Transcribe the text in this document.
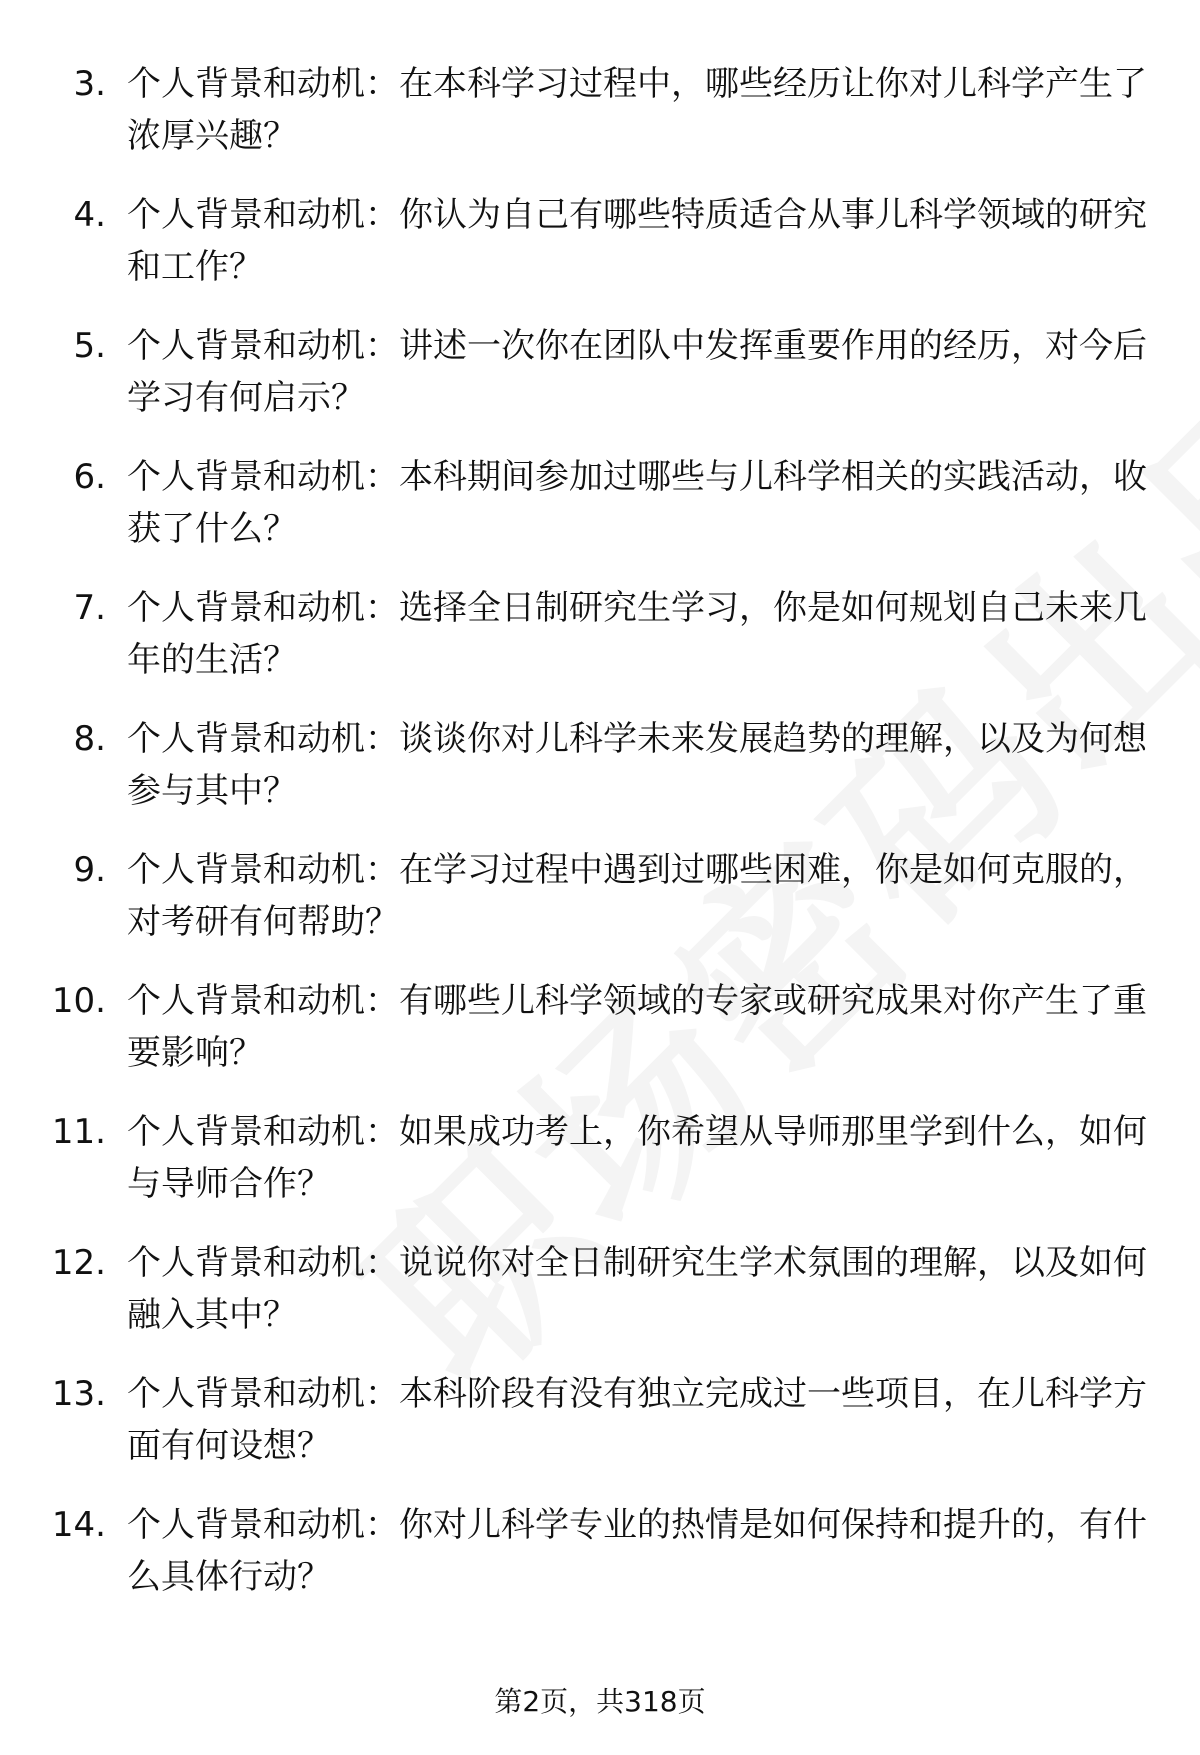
3. 个人背景和动机：在本科学习过程中，哪些经历让你对儿科学产生了浓厚兴趣？
4. 个人背景和动机：你认为自己有哪些特质适合从事儿科学领域的研究和工作？
5. 个人背景和动机：讲述一次你在团队中发挥重要作用的经历，对今后学习有何启示？
6. 个人背景和动机：本科期间参加过哪些与儿科学相关的实践活动，收获了什么？
7. 个人背景和动机：选择全日制研究生学习，你是如何规划自己未来几年的生活？
8. 个人背景和动机：谈谈你对儿科学未来发展趋势的理解，以及为何想参与其中？
9. 个人背景和动机：在学习过程中遇到过哪些困难，你是如何克服的，对考研有何帮助？
10. 个人背景和动机：有哪些儿科学领域的专家或研究成果对你产生了重要影响？
11. 个人背景和动机：如果成功考上，你希望从导师那里学到什么，如何与导师合作？
12. 个人背景和动机：说说你对全日制研究生学术氛围的理解，以及如何融入其中？
13. 个人背景和动机：本科阶段有没有独立完成过一些项目，在儿科学方面有何设想？
14. 个人背景和动机：你对儿科学专业的热情是如何保持和提升的，有什么具体行动？
第2页，共318页
